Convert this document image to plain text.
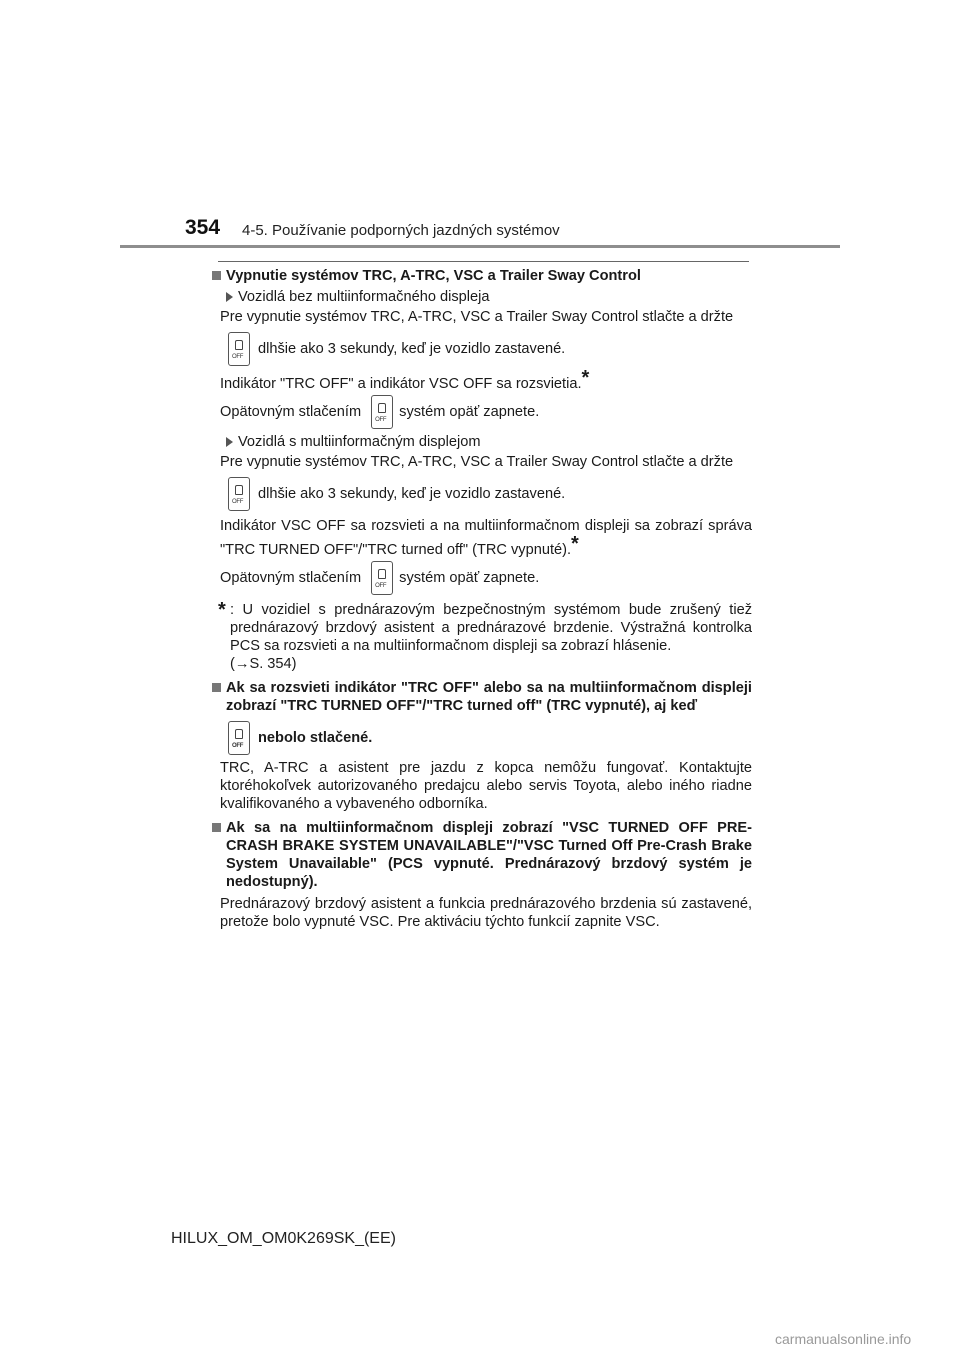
354 4-5. Používanie podporných jazdných systémov
Vypnutie systémov TRC, A-TRC, VSC a Trailer Sway Control
Vozidlá bez multiinformačného displeja
Pre vypnutie systémov TRC, A-TRC, VSC a Trailer Sway Control stlačte a držte
OFF dlhšie ako 3 sekundy, keď je vozidlo zastavené.
Indikátor "TRC OFF" a indikátor VSC OFF sa rozsvietia.*
Opätovným stlačením OFF systém opäť zapnete.
Vozidlá s multiinformačným displejom
Pre vypnutie systémov TRC, A-TRC, VSC a Trailer Sway Control stlačte a držte
OFF dlhšie ako 3 sekundy, keď je vozidlo zastavené.
Indikátor VSC OFF sa rozsvieti a na multiinformačnom displeji sa zobrazí správa "TRC TURNED OFF"/"TRC turned off" (TRC vypnuté).*
Opätovným stlačením OFF systém opäť zapnete.
* : U vozidiel s prednárazovým bezpečnostným systémom bude zrušený tiež prednárazový brzdový asistent a prednárazové brzdenie. Výstražná kontrolka PCS sa rozsvieti a na multiinformačnom displeji sa zobrazí hlásenie.
(→S. 354)
Ak sa rozsvieti indikátor "TRC OFF" alebo sa na multiinformačnom displeji zobrazí "TRC TURNED OFF"/"TRC turned off" (TRC vypnuté), aj keď
OFF nebolo stlačené.
TRC, A-TRC a asistent pre jazdu z kopca nemôžu fungovať. Kontaktujte ktoréhokoľvek autorizovaného predajcu alebo servis Toyota, alebo iného riadne kvalifikovaného a vybaveného odborníka.
Ak sa na multiinformačnom displeji zobrazí "VSC TURNED OFF PRE-CRASH BRAKE SYSTEM UNAVAILABLE"/"VSC Turned Off Pre-Crash Brake System Unavailable" (PCS vypnuté. Prednárazový brzdový systém je nedostupný).
Prednárazový brzdový asistent a funkcia prednárazového brzdenia sú zastavené, pretože bolo vypnuté VSC. Pre aktiváciu týchto funkcií zapnite VSC.
HILUX_OM_OM0K269SK_(EE)
carmanualsonline.info
